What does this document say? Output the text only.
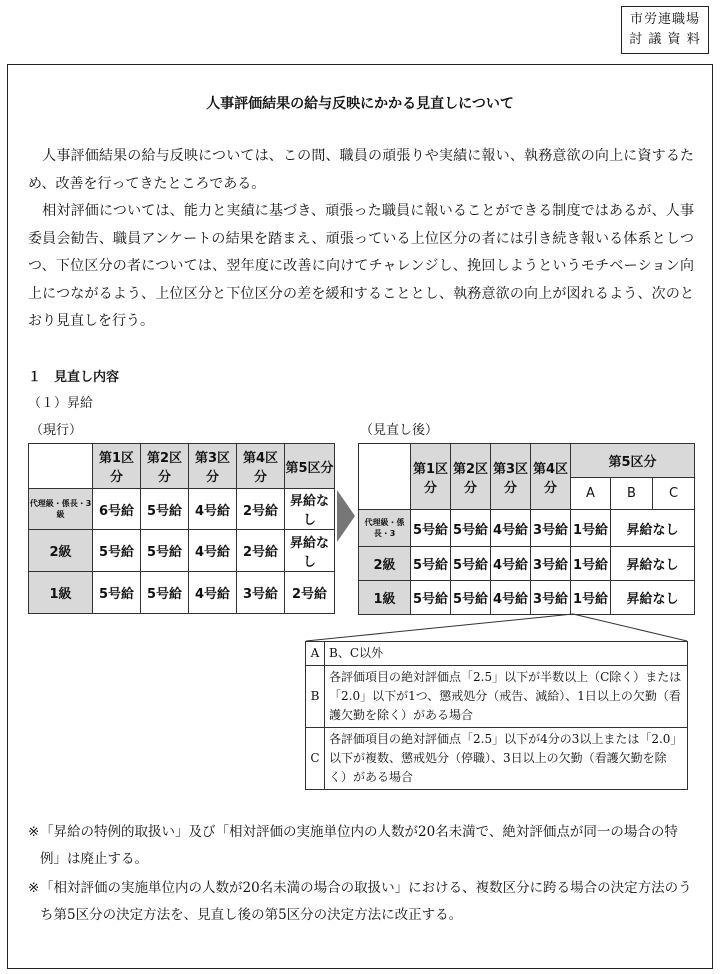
市労連職場
討 議 資 料
人事評価結果の給与反映にかかる見直しについて
人事評価結果の給与反映については、この間、職員の頑張りや実績に報い、執務意欲の向上に資するため、改善を行ってきたところである。
相対評価については、能力と実績に基づき、頑張った職員に報いることができる制度ではあるが、人事委員会勧告、職員アンケートの結果を踏まえ、頑張っている上位区分の者には引き続き報いる体系としつつ、下位区分の者については、翌年度に改善に向けてチャレンジし、挽回しようというモチベーション向上につながるよう、上位区分と下位区分の差を緩和することとし、執務意欲の向上が図れるよう、次のとおり見直しを行う。
１　見直し内容
（１）昇給
（現行）	（見直し後）
	第1区分	第2区分	第3区分	第4区分	第5区分
代理級・係長・3級	6号給	5号給	4号給	2号給	昇給なし
2級	5号給	5号給	4号給	2号給	昇給なし
1級	5号給	5号給	4号給	3号給	2号給
	第1区分	第2区分	第3区分	第4区分	第5区分		
					A	B	C
代理級・係長・3	5号給	5号給	4号給	3号給	1号給	昇給なし	
2級	5号給	5号給	4号給	3号給	1号給	昇給なし	
1級	5号給	5号給	4号給	3号給	1号給	昇給なし	
A	B、C以外
B	各評価項目の絶対評価点「2.5」以下が半数以上（C除く）または「2.0」以下が1つ、懲戒処分（戒告、減給）、1日以上の欠勤（看護欠勤を除く）がある場合
C	各評価項目の絶対評価点「2.5」以下が4分の3以上または「2.0」以下が複数、懲戒処分（停職）、3日以上の欠勤（看護欠勤を除く）がある場合
※ 「昇給の特例的取扱い」及び「相対評価の実施単位内の人数が20名未満で、絶対評価点が同一の場合の特例」は廃止する。
※ 「相対評価の実施単位内の人数が20名未満の場合の取扱い」における、複数区分に跨る場合の決定方法のうち第5区分の決定方法を、見直し後の第5区分の決定方法に改正する。
